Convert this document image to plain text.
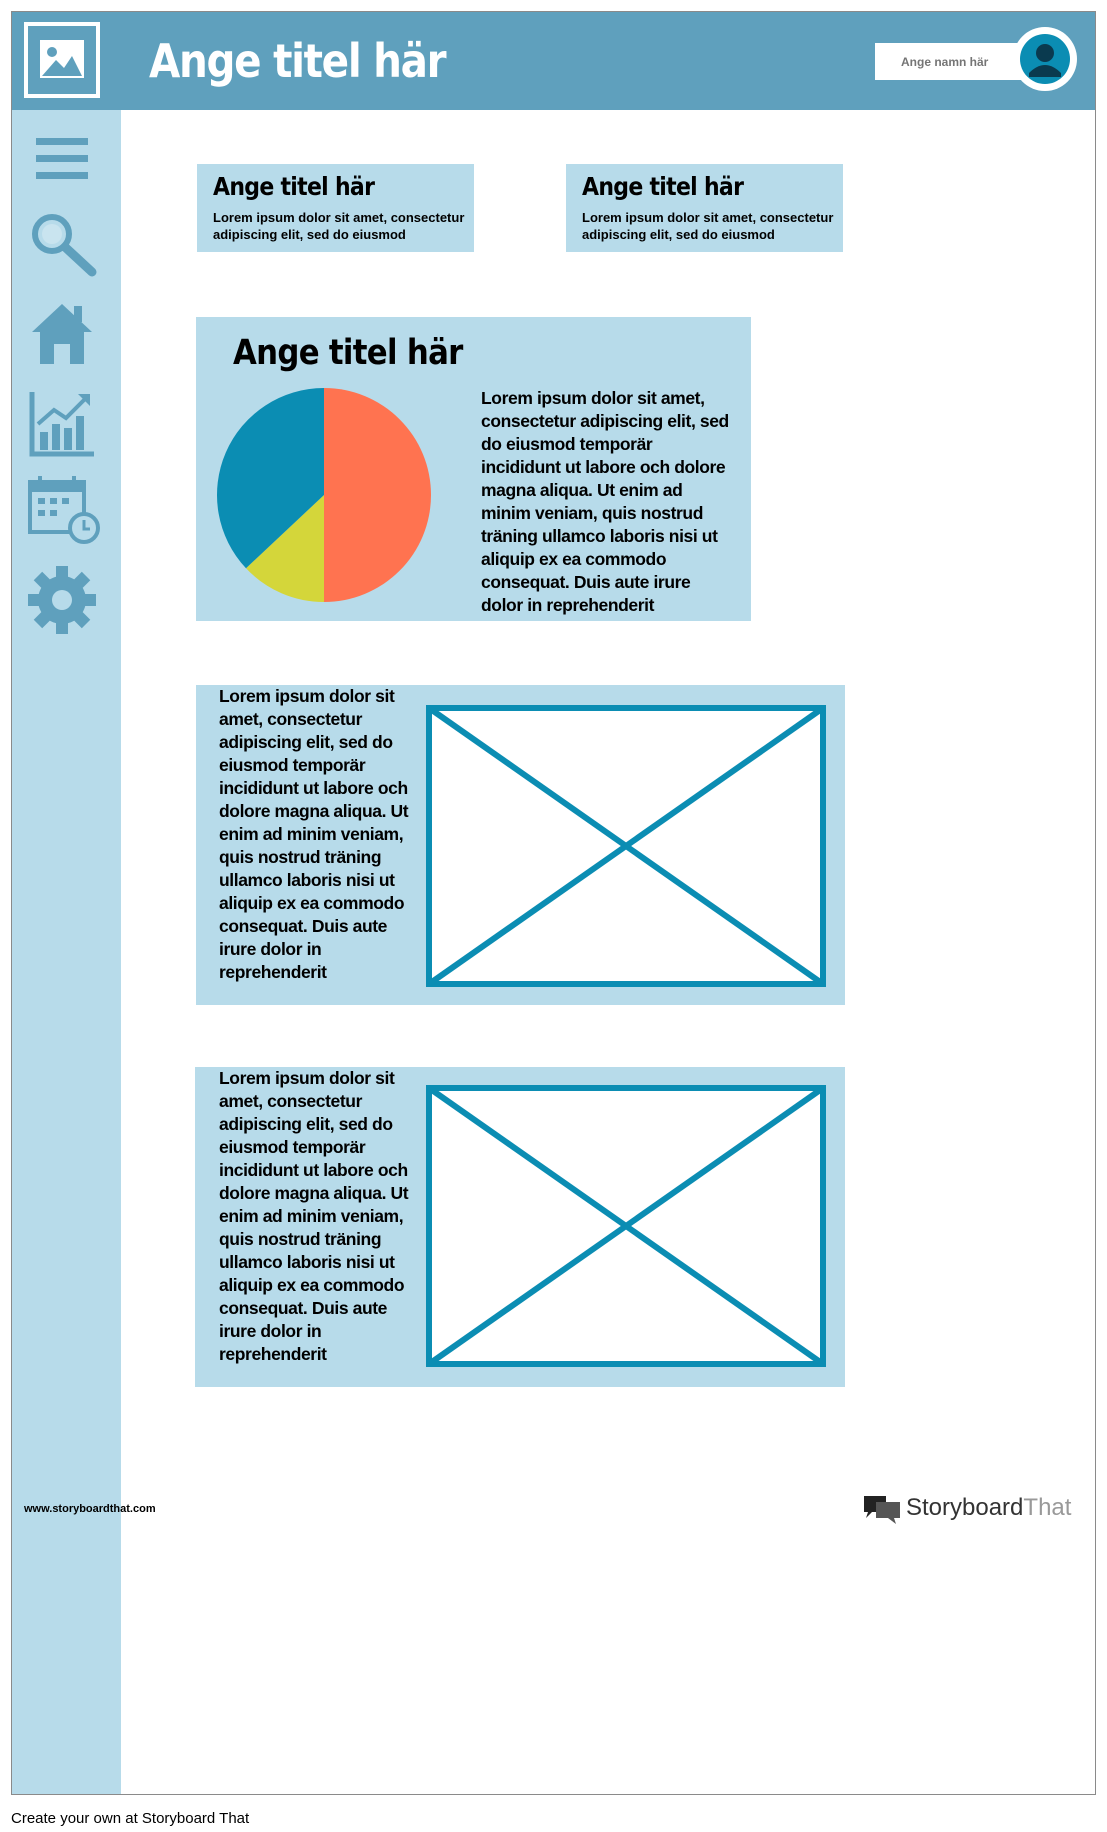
Ange titel här
Ange namn här
Ange titel här
Lorem ipsum dolor sit amet, consectetur adipiscing elit, sed do eiusmod
Ange titel här
Lorem ipsum dolor sit amet, consectetur adipiscing elit, sed do eiusmod
Ange titel här
Lorem ipsum dolor sit amet, consectetur adipiscing elit, sed do eiusmod temporär incididunt ut labore och dolore magna aliqua. Ut enim ad minim veniam, quis nostrud träning ullamco laboris nisi ut aliquip ex ea commodo consequat. Duis aute irure dolor in reprehenderit
Lorem ipsum dolor sit amet, consectetur adipiscing elit, sed do eiusmod temporär incididunt ut labore och dolore magna aliqua. Ut enim ad minim veniam, quis nostrud träning ullamco laboris nisi ut aliquip ex ea commodo consequat. Duis aute irure dolor in reprehenderit
Lorem ipsum dolor sit amet, consectetur adipiscing elit, sed do eiusmod temporär incididunt ut labore och dolore magna aliqua. Ut enim ad minim veniam, quis nostrud träning ullamco laboris nisi ut aliquip ex ea commodo consequat. Duis aute irure dolor in reprehenderit
www.storyboardthat.com	StoryboardThat
Create your own at Storyboard That
